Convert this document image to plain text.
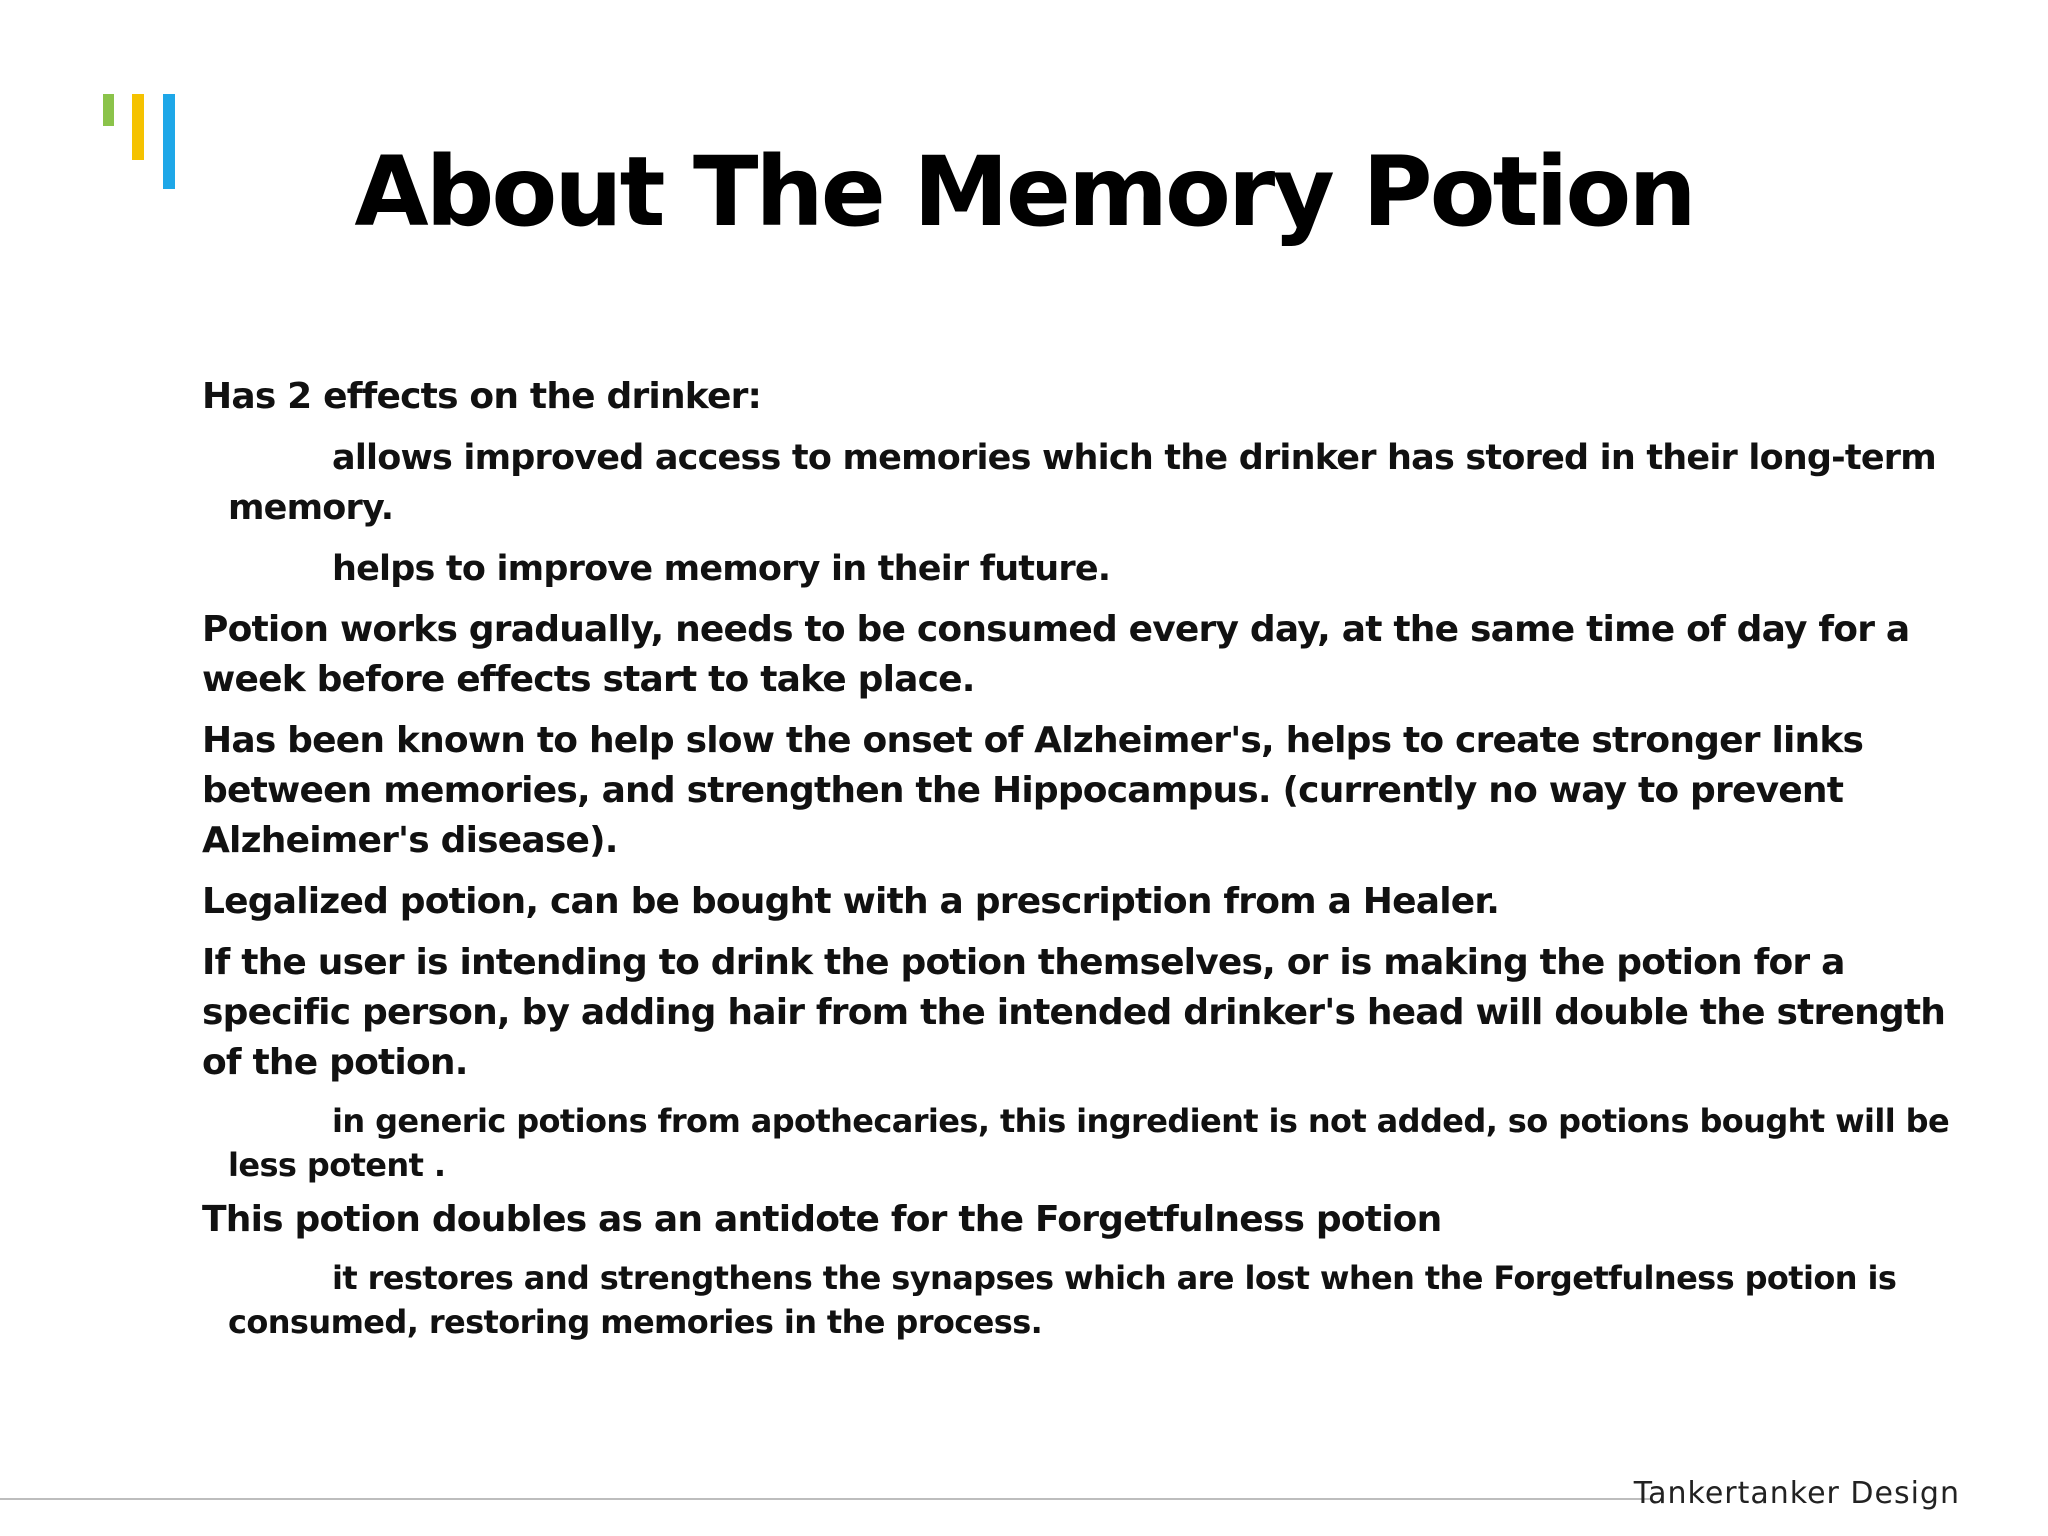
About The Memory Potion

Has 2 effects on the drinker:

allows improved access to memories which the drinker has stored in their long-term memory.

helps to improve memory in their future.

Potion works gradually, needs to be consumed every day, at the same time of day for a week before effects start to take place.

Has been known to help slow the onset of Alzheimer's, helps to create stronger links between memories, and strengthen the Hippocampus. (currently no way to prevent Alzheimer's disease).

Legalized potion, can be bought with a prescription from a Healer.

If the user is intending to drink the potion themselves, or is making the potion for a specific person, by adding hair from the intended drinker's head will double the strength of the potion.

in generic potions from apothecaries, this ingredient is not added, so potions bought will be less potent .

This potion doubles as an antidote for the Forgetfulness potion

it restores and strengthens the synapses which are lost when the Forgetfulness potion is consumed, restoring memories in the process.

Tankertanker Design
